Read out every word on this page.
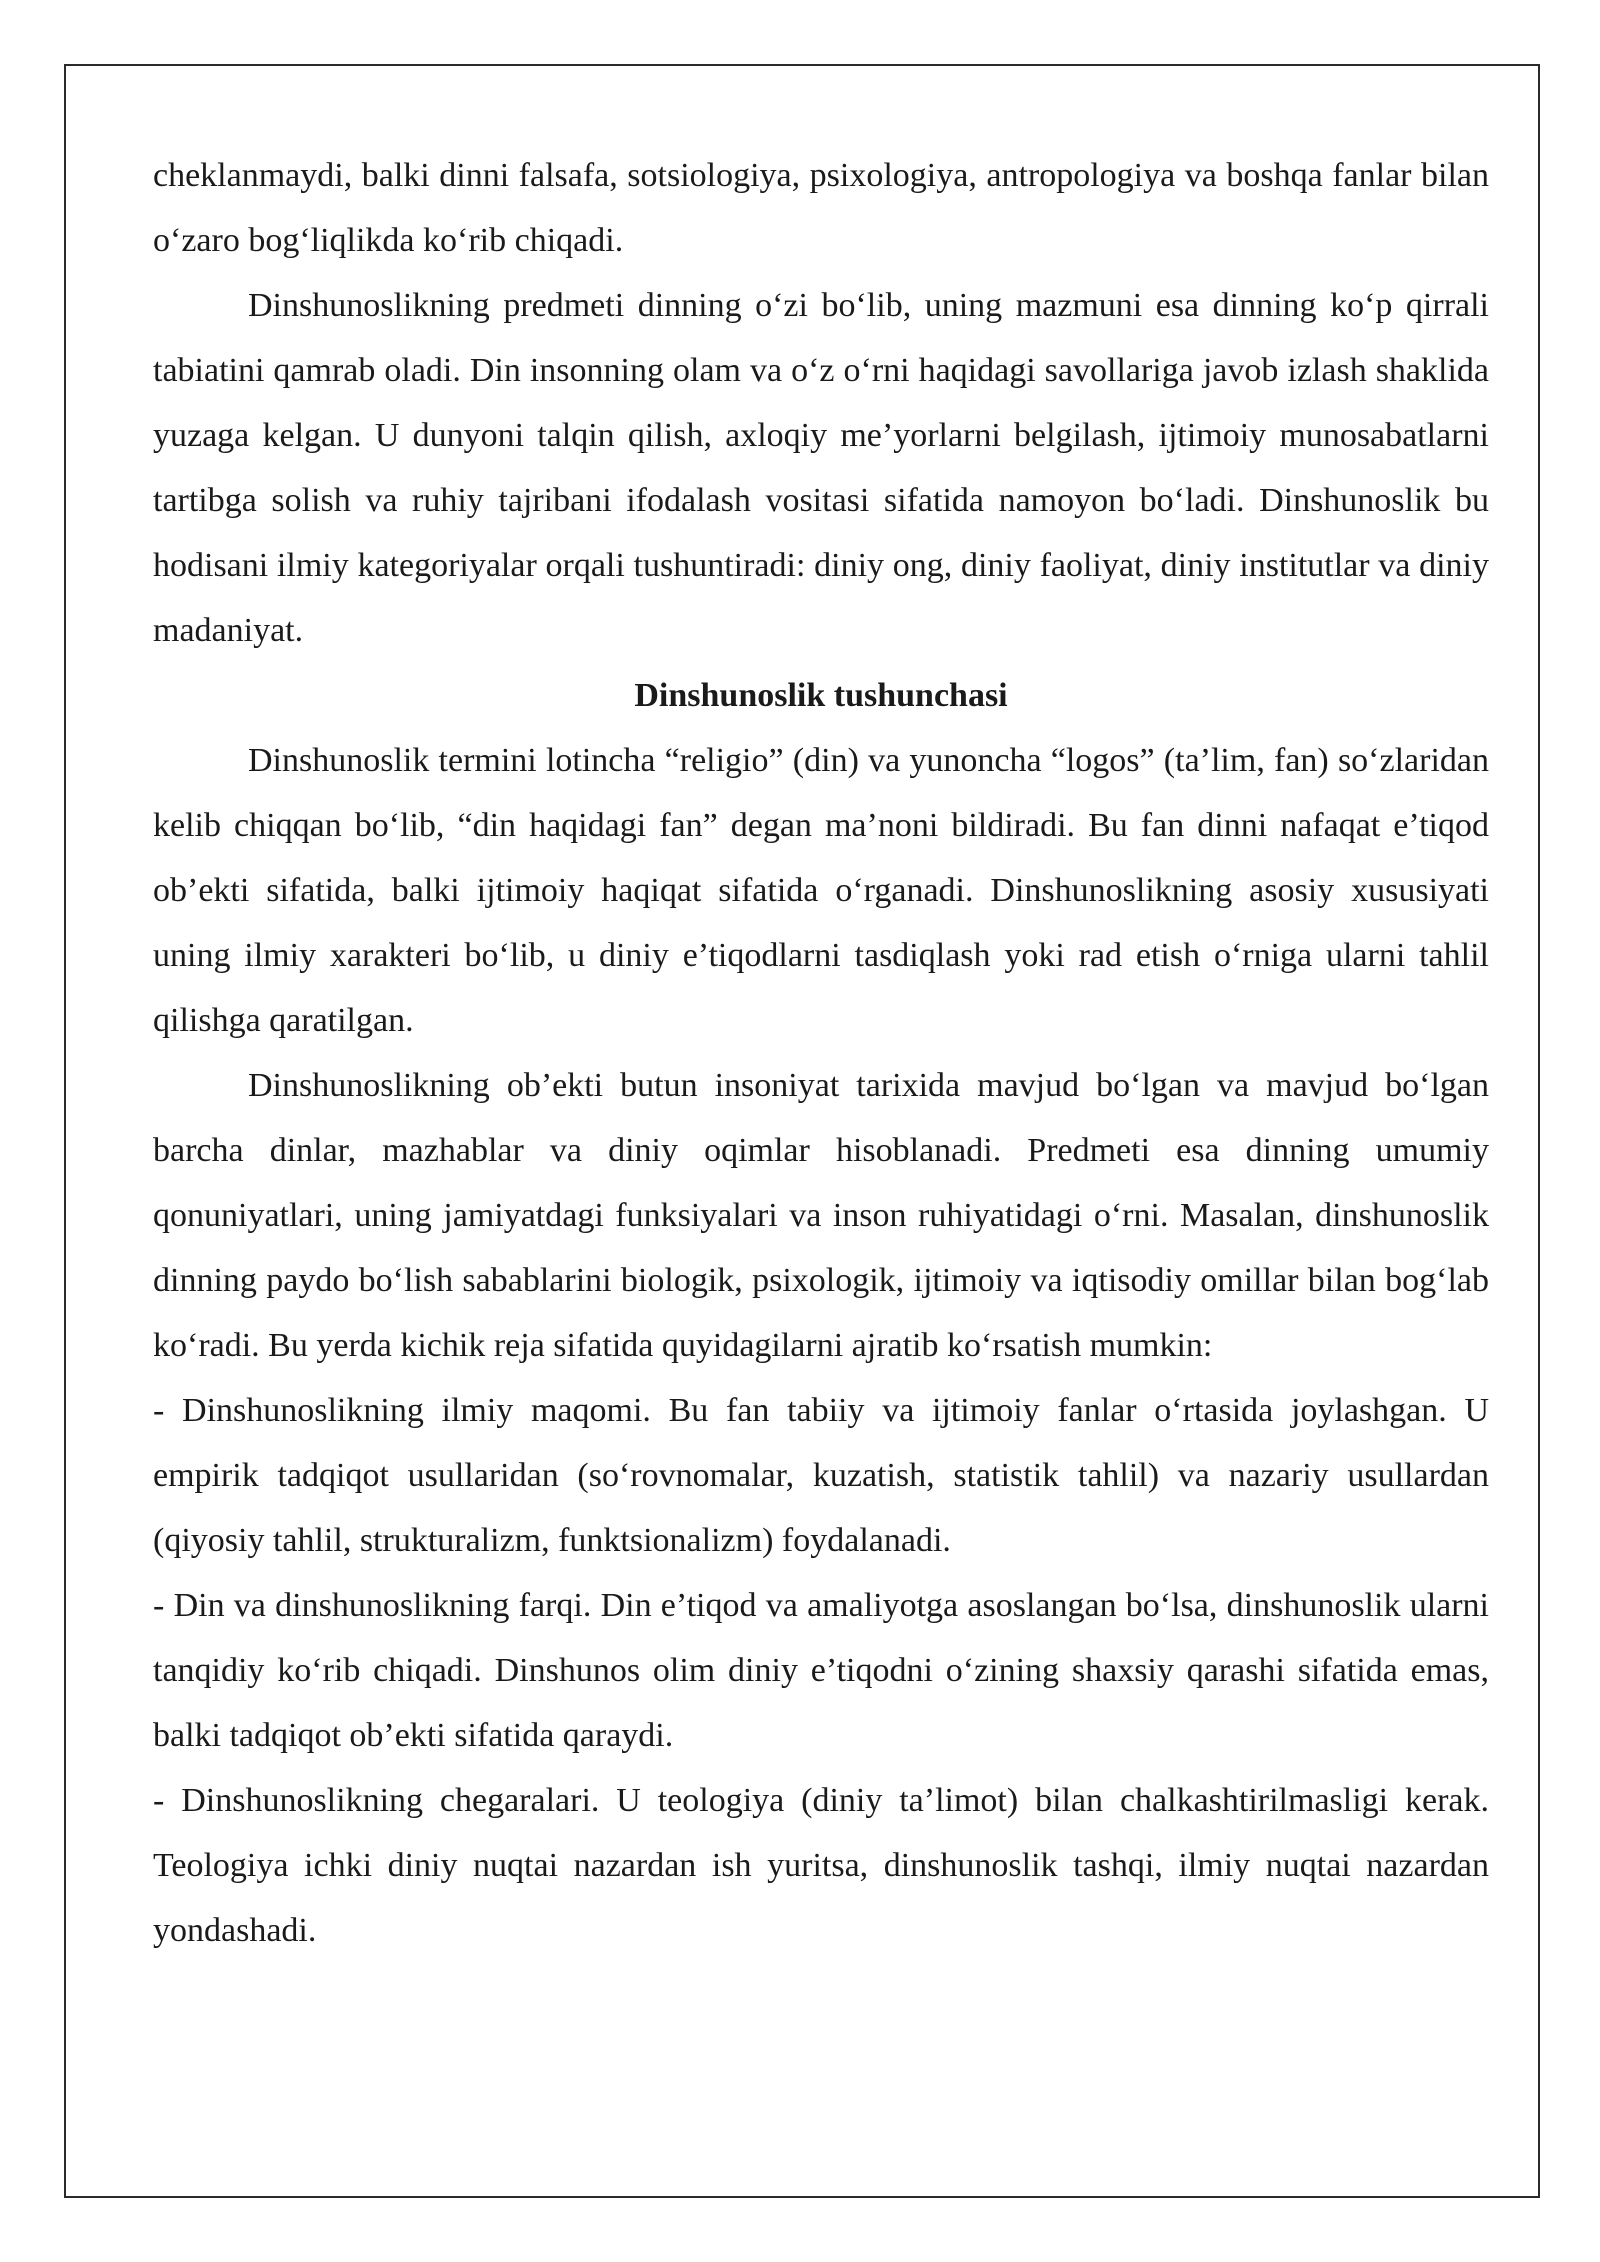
cheklanmaydi, balki dinni falsafa, sotsiologiya, psixologiya, antropologiya va boshqa fanlar bilan o‘zaro bog‘liqlikda ko‘rib chiqadi.

Dinshunoslikning predmeti dinning o‘zi bo‘lib, uning mazmuni esa dinning ko‘p qirrali tabiatini qamrab oladi. Din insonning olam va o‘z o‘rni haqidagi savollariga javob izlash shaklida yuzaga kelgan. U dunyoni talqin qilish, axloqiy me’yorlarni belgilash, ijtimoiy munosabatlarni tartibga solish va ruhiy tajribani ifodalash vositasi sifatida namoyon bo‘ladi. Dinshunoslik bu hodisani ilmiy kategoriyalar orqali tushuntiradi: diniy ong, diniy faoliyat, diniy institutlar va diniy madaniyat.

Dinshunoslik tushunchasi

Dinshunoslik termini lotincha “religio” (din) va yunoncha “logos” (ta’lim, fan) so‘zlaridan kelib chiqqan bo‘lib, “din haqidagi fan” degan ma’noni bildiradi. Bu fan dinni nafaqat e’tiqod ob’ekti sifatida, balki ijtimoiy haqiqat sifatida o‘rganadi. Dinshunoslikning asosiy xususiyati uning ilmiy xarakteri bo‘lib, u diniy e’tiqodlarni tasdiqlash yoki rad etish o‘rniga ularni tahlil qilishga qaratilgan.

Dinshunoslikning ob’ekti butun insoniyat tarixida mavjud bo‘lgan va mavjud bo‘lgan barcha dinlar, mazhablar va diniy oqimlar hisoblanadi. Predmeti esa dinning umumiy qonuniyatlari, uning jamiyatdagi funksiyalari va inson ruhiyatidagi o‘rni. Masalan, dinshunoslik dinning paydo bo‘lish sabablarini biologik, psixologik, ijtimoiy va iqtisodiy omillar bilan bog‘lab ko‘radi. Bu yerda kichik reja sifatida quyidagilarni ajratib ko‘rsatish mumkin:

- Dinshunoslikning ilmiy maqomi. Bu fan tabiiy va ijtimoiy fanlar o‘rtasida joylashgan. U empirik tadqiqot usullaridan (so‘rovnomalar, kuzatish, statistik tahlil) va nazariy usullardan (qiyosiy tahlil, strukturalizm, funktsionalizm) foydalanadi.

- Din va dinshunoslikning farqi. Din e’tiqod va amaliyotga asoslangan bo‘lsa, dinshunoslik ularni tanqidiy ko‘rib chiqadi. Dinshunos olim diniy e’tiqodni o‘zining shaxsiy qarashi sifatida emas, balki tadqiqot ob’ekti sifatida qaraydi.

- Dinshunoslikning chegaralari. U teologiya (diniy ta’limot) bilan chalkashtirilmasligi kerak. Teologiya ichki diniy nuqtai nazardan ish yuritsa, dinshunoslik tashqi, ilmiy nuqtai nazardan yondashadi.
